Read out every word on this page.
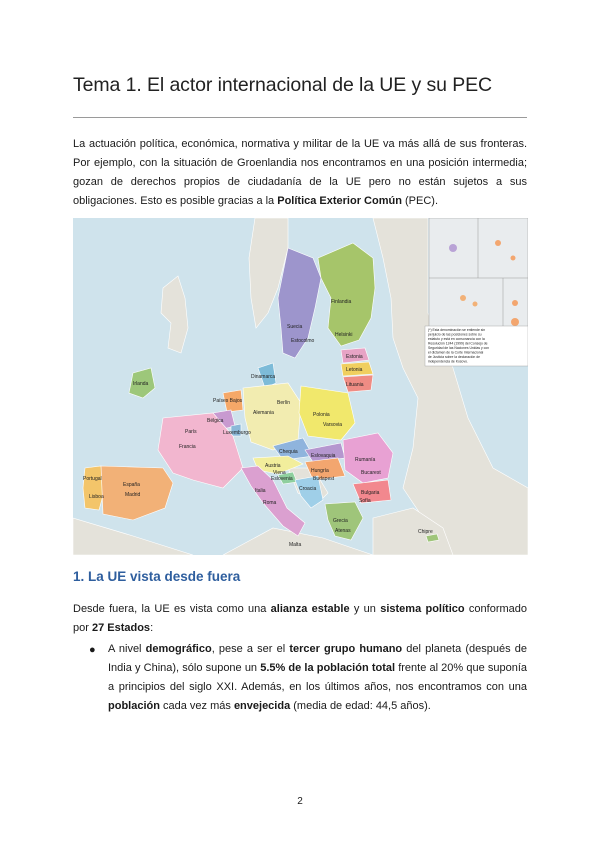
Tema 1. El actor internacional de la UE y su PEC

La actuación política, económica, normativa y militar de la UE va más allá de sus fronteras. Por ejemplo, con la situación de Groenlandia nos encontramos en una posición intermedia; gozan de derechos propios de ciudadanía de la UE pero no están sujetos a sus obligaciones. Esto es posible gracias a la Política Exterior Común (PEC).

(*) Esta denominación se entiende sin
perjuicio de las posiciones sobre su
estatuto y está en consonancia con la
Resolución 1244 (1999) del Consejo de
Seguridad de las Naciones Unidas y con
el dictamen de la Corte Internacional
de Justicia sobre la declaración de
independencia de Kosovo.
Finlandia
Suecia
Estonia
Letonia
Lituania
Dinamarca
Irlanda
Países Bajos
Alemania	Polonia
Bélgica
Luxemburgo
Chequia
Eslovaquia
Austria
Hungría
Francia
Eslovenia
Croacia
Rumanía
Bulgaria
Italia
Portugal
España
Grecia
Malta
Chipre
Lisboa	Madrid
París
Berlín
Roma
Varsovia
Atenas
Budapest
Viena	Bucarest
Sofía
Estocolmo
Helsinki
1. La UE vista desde fuera

Desde fuera, la UE es vista como una alianza estable y un sistema político conformado por 27 Estados:

● A nivel demográfico, pese a ser el tercer grupo humano del planeta (después de India y China), sólo supone un 5.5% de la población total frente al 20% que suponía a principios del siglo XXI. Además, en los últimos años, nos encontramos con una población cada vez más envejecida (media de edad: 44,5 años).

2
